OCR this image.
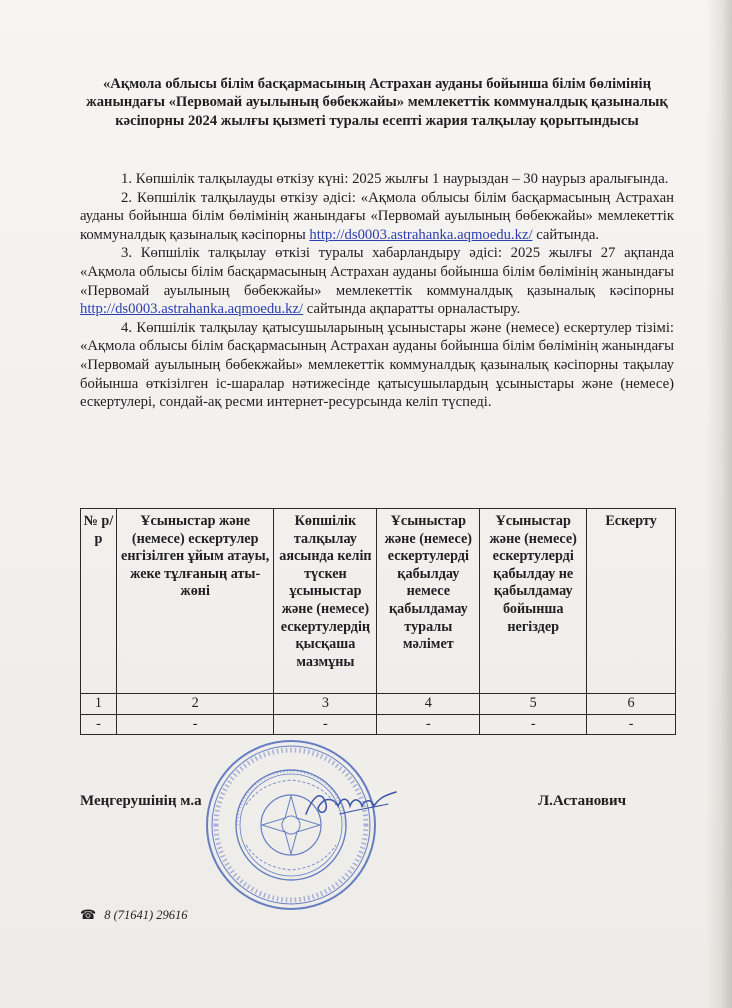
«Ақмола облысы білім басқармасының Астрахан ауданы бойынша білім бөлімінің жанындағы «Первомай ауылының бөбекжайы» мемлекеттік коммуналдық қазыналық кәсіпорны 2024 жылғы қызметі туралы есепті жария талқылау қорытындысы

1. Көпшілік талқылауды өткізу күні: 2025 жылғы 1 наурыздан – 30 наурыз аралығында.

2. Көпшілік талқылауды өткізу әдісі: «Ақмола облысы білім басқармасының Астрахан ауданы бойынша білім бөлімінің жанындағы «Первомай ауылының бөбекжайы» мемлекеттік коммуналдық қазыналық кәсіпорны http://ds0003.astrahanka.aqmoedu.kz/ сайтында.

3. Көпшілік талқылау өткізі туралы хабарландыру әдісі: 2025 жылғы 27 ақпанда «Ақмола облысы білім басқармасының Астрахан ауданы бойынша білім бөлімінің жанындағы «Первомай ауылының бөбекжайы» мемлекеттік коммуналдық қазыналық кәсіпорны http://ds0003.astrahanka.aqmoedu.kz/ сайтында ақпаратты орналастыру.

4. Көпшілік талқылау қатысушыларының ұсыныстары және (немесе) ескертулер тізімі: «Ақмола облысы білім басқармасының Астрахан ауданы бойынша білім бөлімінің жанындағы «Первомай ауылының бөбекжайы» мемлекеттік коммуналдық қазыналық кәсіпорны тақылау бойынша өткізілген іс-шаралар нәтижесінде қатысушылардың ұсыныстары және (немесе) ескертулері, сондай-ақ ресми интернет-ресурсында келіп түспеді.

№ р/р	Ұсыныстар және (немесе) ескертулер енгізілген ұйым атауы, жеке тұлғаның аты-жөні	Көпшілік талқылау аясында келіп түскен ұсыныстар және (немесе) ескертулердің қысқаша мазмұны	Ұсыныстар және (немесе) ескертулерді қабылдау немесе қабылдамау туралы мәлімет	Ұсыныстар және (немесе) ескертулерді қабылдау не қабылдамау бойынша негіздер	Ескерту
1	2	3	4	5	6
-	-	-	-	-	-
Меңгерушінің м.а	Л.Астанович
☎ 8 (71641) 29616
